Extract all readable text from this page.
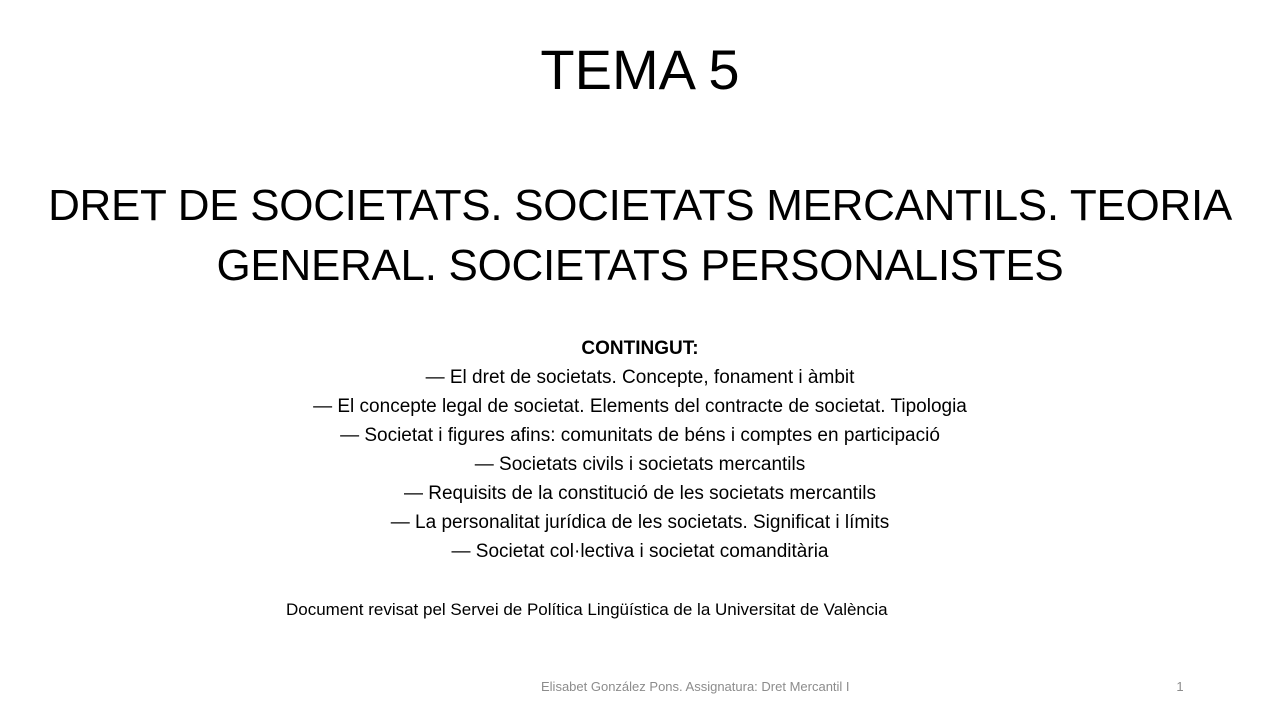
TEMA 5
DRET DE SOCIETATS. SOCIETATS MERCANTILS. TEORIA
GENERAL. SOCIETATS PERSONALISTES
CONTINGUT:
— El dret de societats. Concepte, fonament i àmbit
— El concepte legal de societat. Elements del contracte de societat. Tipologia
— Societat i figures afins: comunitats de béns i comptes en participació
— Societats civils i societats mercantils
— Requisits de la constitució de les societats mercantils
— La personalitat jurídica de les societats. Significat i límits
— Societat col·lectiva i societat comanditària
Document revisat pel Servei de Política Lingüística de la Universitat de València
Elisabet González Pons. Assignatura: Dret Mercantil I	1
